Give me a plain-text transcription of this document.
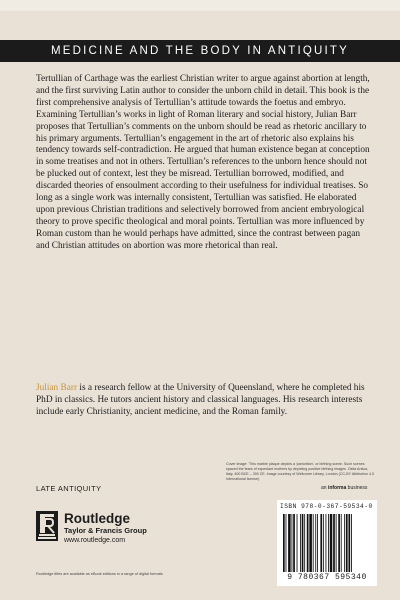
MEDICINE AND THE BODY IN ANTIQUITY
Tertullian of Carthage was the earliest Christian writer to argue against abortion at length, and the first surviving Latin author to consider the unborn child in detail. This book is the first comprehensive analysis of Tertullian’s attitude towards the foetus and embryo. Examining Tertullian’s works in light of Roman literary and social history, Julian Barr proposes that Tertullian’s comments on the unborn should be read as rhetoric ancillary to his primary arguments. Tertullian’s engagement in the art of rhetoric also explains his tendency towards self-contradiction. He argued that human existence began at conception in some treatises and not in others. Tertullian’s references to the unborn hence should not be plucked out of context, lest they be misread. Tertullian borrowed, modified, and discarded theories of ensoulment according to their usefulness for individual treatises. So long as a single work was internally consistent, Tertullian was satisfied. He elaborated upon previous Christian traditions and selectively borrowed from ancient embryological theory to prove specific theological and moral points. Tertullian was more influenced by Roman custom than he would perhaps have admitted, since the contrast between pagan and Christian attitudes on abortion was more rhetorical than real.
Julian Barr is a research fellow at the University of Queensland, where he completed his PhD in classics. He tutors ancient history and classical languages. His research interests include early Christianity, ancient medicine, and the Roman family.
Cover image: 'This marble plaque depicts a 'parturition', or birthing scene. Such scenes spaced the fears of expectant mothers by depicting positive birthing images. Ostia Antica, Italy, 400 BCE – 300 CE. Image courtesy of Wellcome Library, London (CC-BY Attribution 4.0 International license).
LATE ANTIQUITY	an informa business
Routledge
Taylor & Francis Group
www.routledge.com
Routledge titles are available as eBook editions in a range of digital formats
ISBN 978-0-367-59534-0
9 780367 595340
